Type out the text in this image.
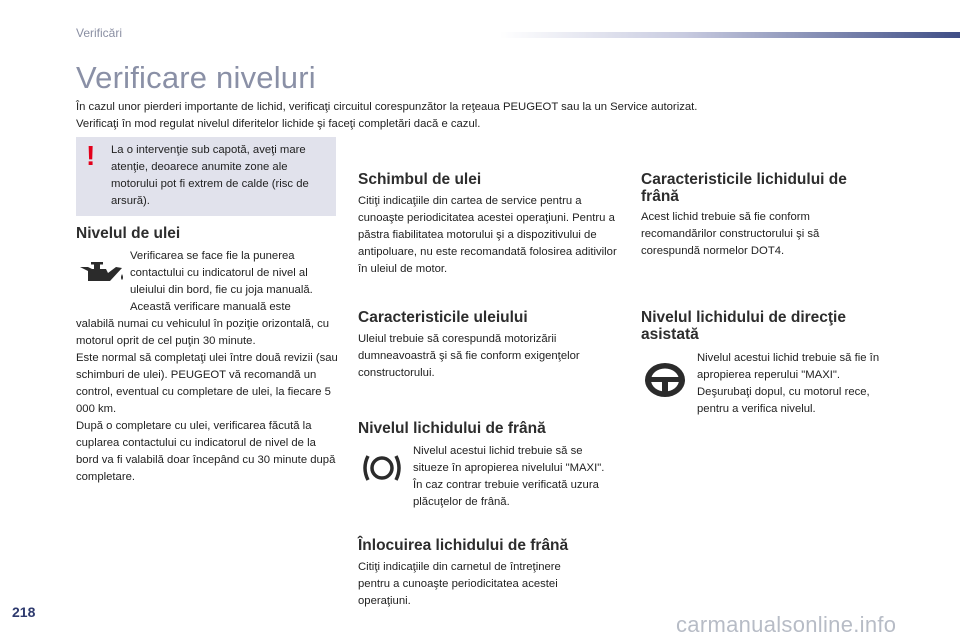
Verificări
Verificare niveluri

În cazul unor pierderi importante de lichid, verificaţi circuitul corespunzător la reţeaua PEUGEOT sau la un Service autorizat.

Verificaţi în mod regulat nivelul diferitelor lichide şi faceţi completări dacă e cazul.

! La o intervenţie sub capotă, aveţi mare atenţie, deoarece anumite zone ale motorului pot fi extrem de calde (risc de arsură).
Nivelul de ulei
Verificarea se face fie la punerea contactului cu indicatorul de nivel al uleiului din bord, fie cu joja manuală.
Această verificare manuală este

valabilă numai cu vehiculul în poziţie orizontală, cu motorul oprit de cel puţin 30 minute.

Este normal să completaţi ulei între două revizii (sau schimburi de ulei). PEUGEOT vă recomandă un control, eventual cu completare de ulei, la fiecare 5 000 km.

După o completare cu ulei, verificarea făcută la cuplarea contactului cu indicatorul de nivel de la bord va fi valabilă doar începând cu 30 minute după completare.

Schimbul de ulei
Citiţi indicaţiile din cartea de service pentru a cunoaşte periodicitatea acestei operaţiuni. Pentru a păstra fiabilitatea motorului şi a dispozitivului de antipoluare, nu este recomandată folosirea aditivilor în uleiul de motor.
Caracteristicile uleiului
Uleiul trebuie să corespundă motorizării dumneavoastră şi să fie conform exigenţelor constructorului.
Nivelul lichidului de frână
Nivelul acestui lichid trebuie să se situeze în apropierea nivelului "MAXI". În caz contrar trebuie verificată uzura plăcuţelor de frână.
Înlocuirea lichidului de frână
Citiţi indicaţiile din carnetul de întreţinere pentru a cunoaşte periodicitatea acestei operaţiuni.
Caracteristicile lichidului de frână
Acest lichid trebuie să fie conform recomandărilor constructorului şi să corespundă normelor DOT4.
Nivelul lichidului de direcţie asistată
Nivelul acestui lichid trebuie să fie în apropierea reperului "MAXI". Deşurubaţi dopul, cu motorul rece, pentru a verifica nivelul.
218	carmanualsonline.info
